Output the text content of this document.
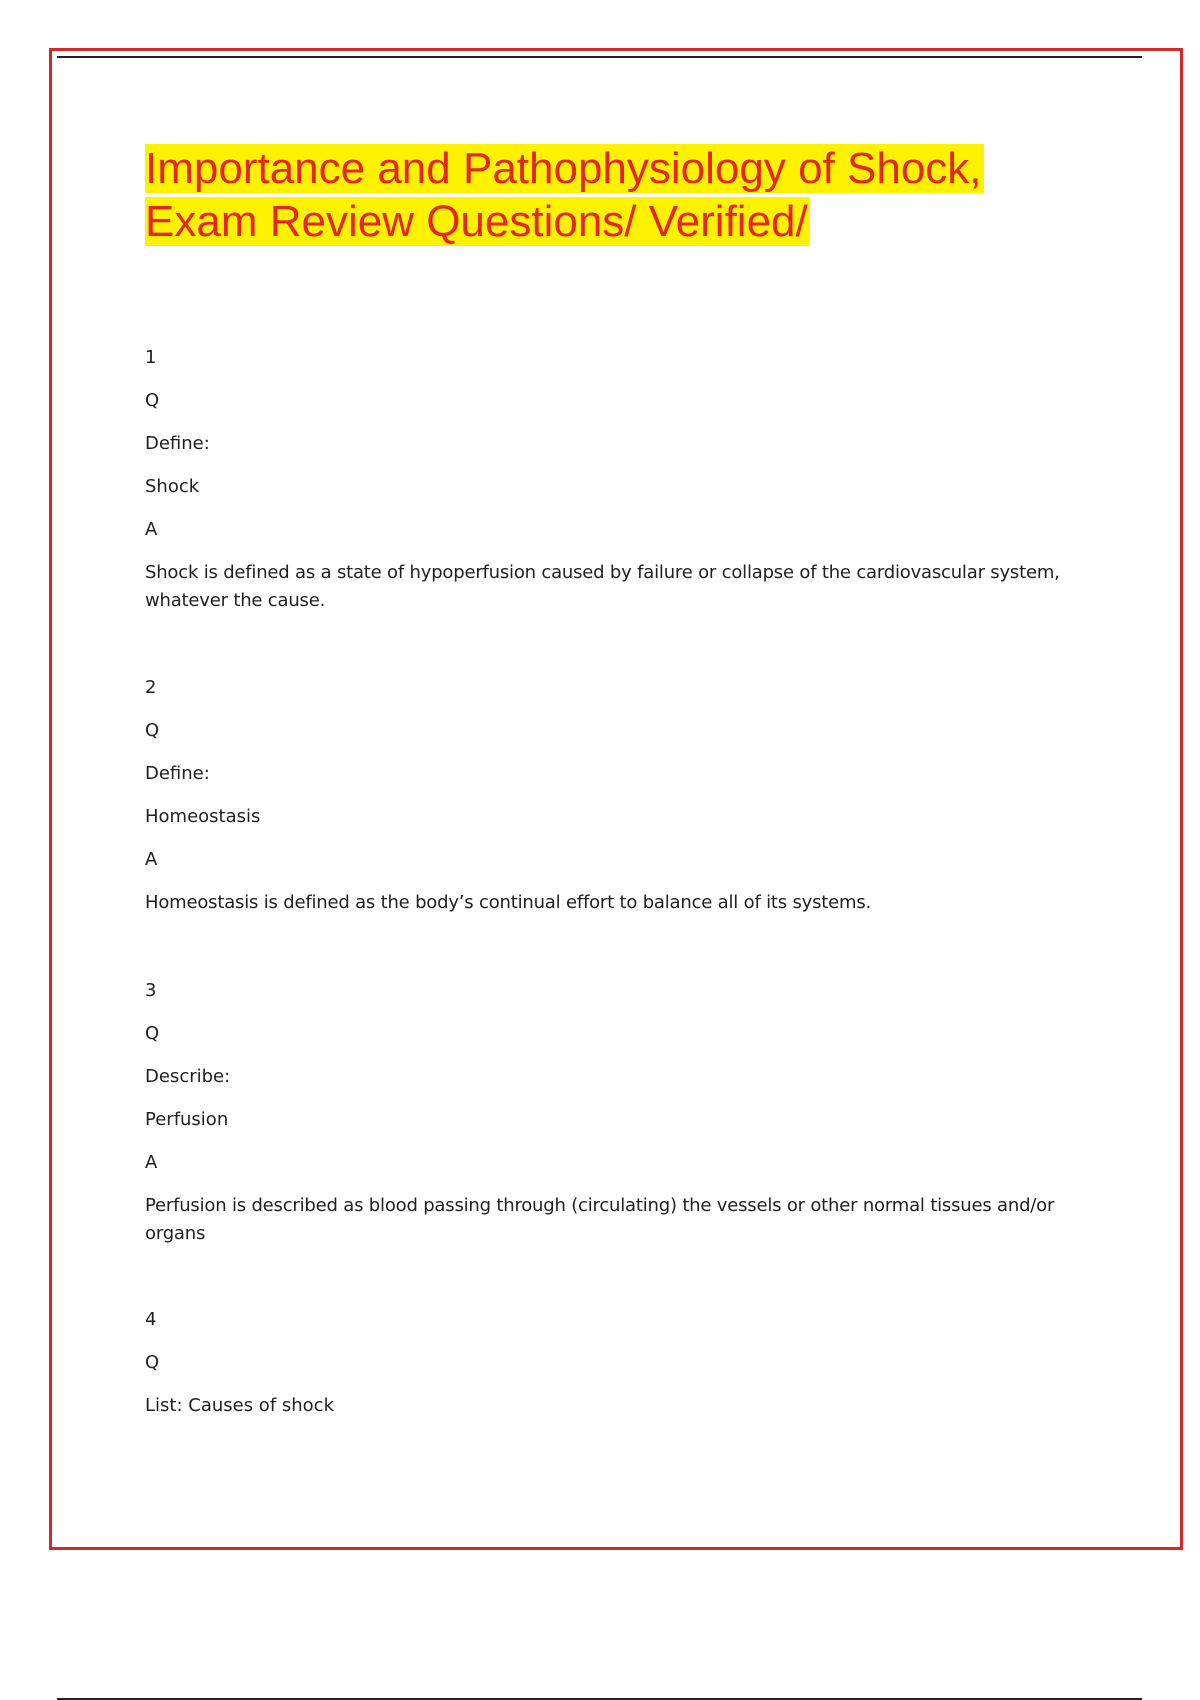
Importance and Pathophysiology of Shock,
Exam Review Questions/ Verified/
1
Q
Define:
Shock
A
Shock is defined as a state of hypoperfusion caused by failure or collapse of the cardiovascular system, whatever the cause.
2
Q
Define:
Homeostasis
A
Homeostasis is defined as the body’s continual effort to balance all of its systems.
3
Q
Describe:
Perfusion
A
Perfusion is described as blood passing through (circulating) the vessels or other normal tissues and/or organs
4
Q
List: Causes of shock
